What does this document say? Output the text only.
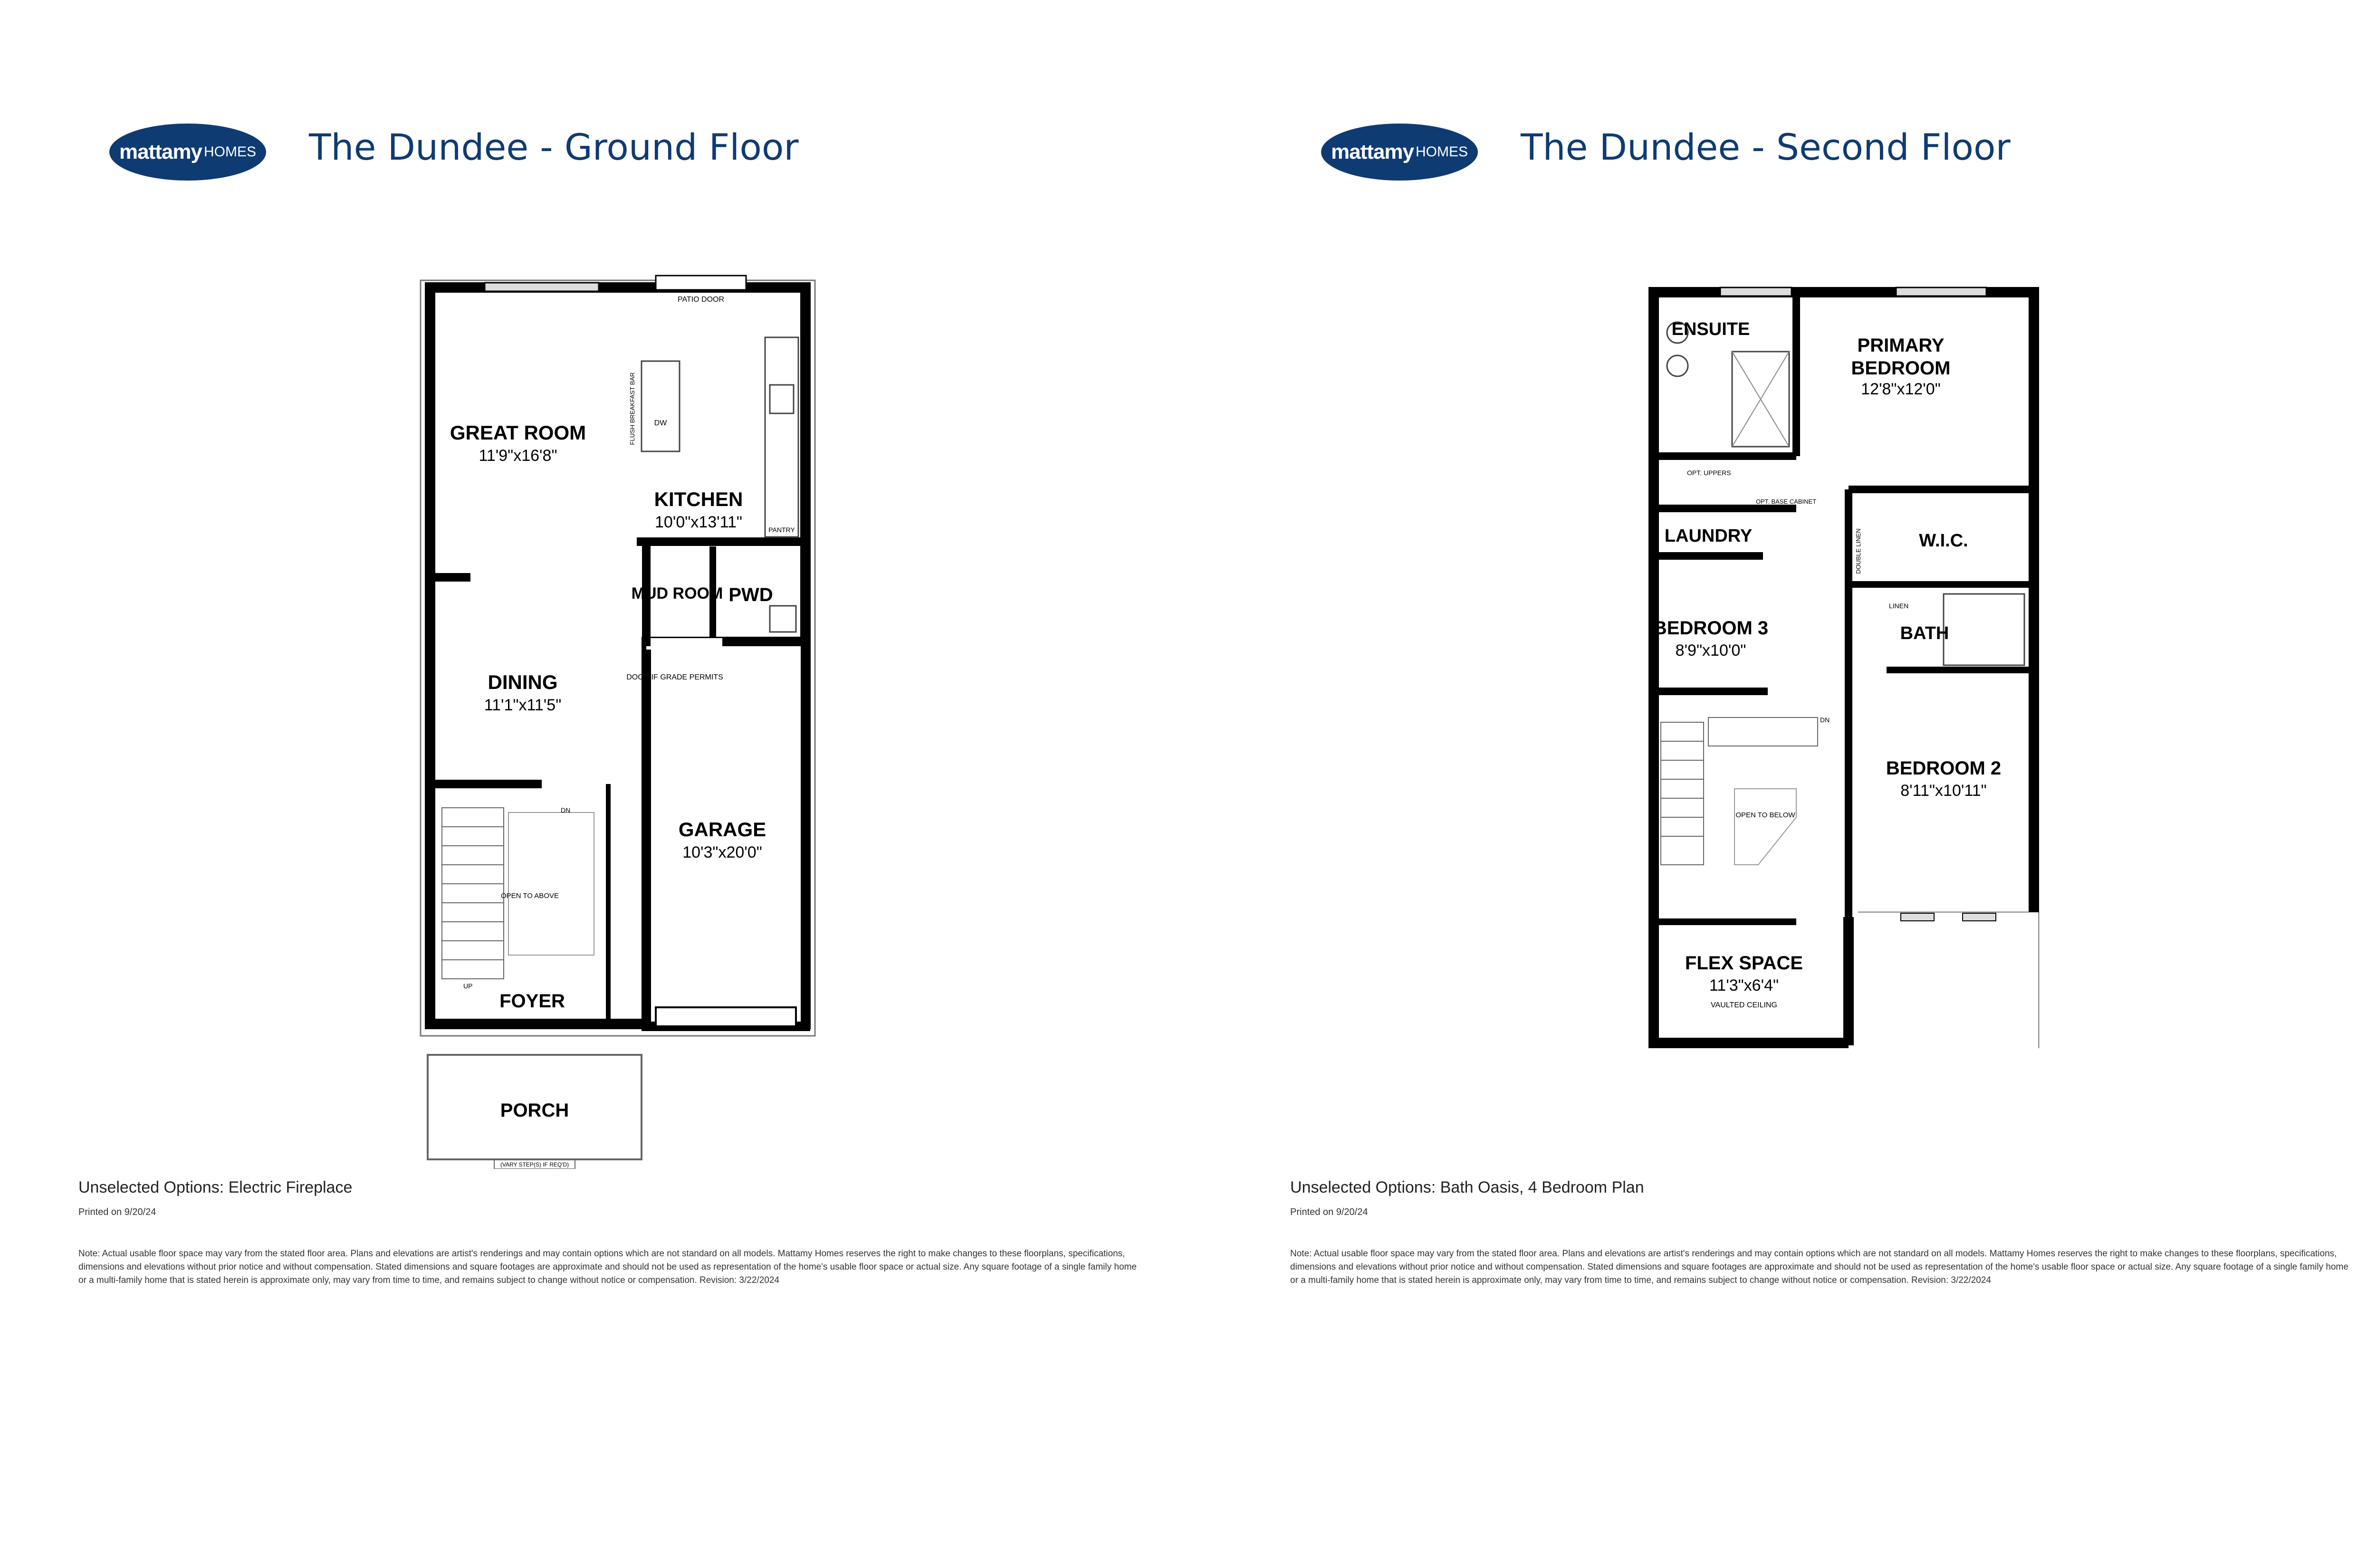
mattamy HOMES The Dundee - Ground Floor
PATIO DOOR
FLUSH BREAKFAST BAR DW
PANTRY
GREAT ROOM
11'9"x16'8"
KITCHEN
10'0"x13'11"
MUD ROOM PWD
DOOR IF GRADE PERMITS
DINING
11'1"x11'5"
GARAGE
10'3"x20'0"
OPEN TO ABOVE
DN
UP
FOYER
PORCH
(VARY STEP(S) IF REQ'D)
Unselected Options: Electric Fireplace
Printed on 9/20/24
Note: Actual usable floor space may vary from the stated floor area. Plans and elevations are artist's renderings and may contain options which are not standard on all models. Mattamy Homes reserves the right to make changes to these floorplans, specifications, dimensions and elevations without prior notice and without compensation. Stated dimensions and square footages are approximate and should not be used as representation of the home's usable floor space or actual size. Any square footage of a single family home or a multi-family home that is stated herein is approximate only, may vary from time to time, and remains subject to change without notice or compensation. Revision: 3/22/2024
mattamy HOMES The Dundee - Second Floor
ENSUITE
PRIMARY BEDROOM
12'8"x12'0"
OPT. UPPERS
OPT. BASE CABINET
LAUNDRY	W.I.C.
DOUBLE LINEN
LINEN
BATH
BEDROOM 3
8'9"x10'0"
BEDROOM 2
8'11"x10'11"
OPEN TO BELOW
DN
FLEX SPACE
11'3"x6'4"
VAULTED CEILING
Unselected Options: Bath Oasis, 4 Bedroom Plan
Printed on 9/20/24
Note: Actual usable floor space may vary from the stated floor area. Plans and elevations are artist's renderings and may contain options which are not standard on all models. Mattamy Homes reserves the right to make changes to these floorplans, specifications, dimensions and elevations without prior notice and without compensation. Stated dimensions and square footages are approximate and should not be used as representation of the home's usable floor space or actual size. Any square footage of a single family home or a multi-family home that is stated herein is approximate only, may vary from time to time, and remains subject to change without notice or compensation. Revision: 3/22/2024
